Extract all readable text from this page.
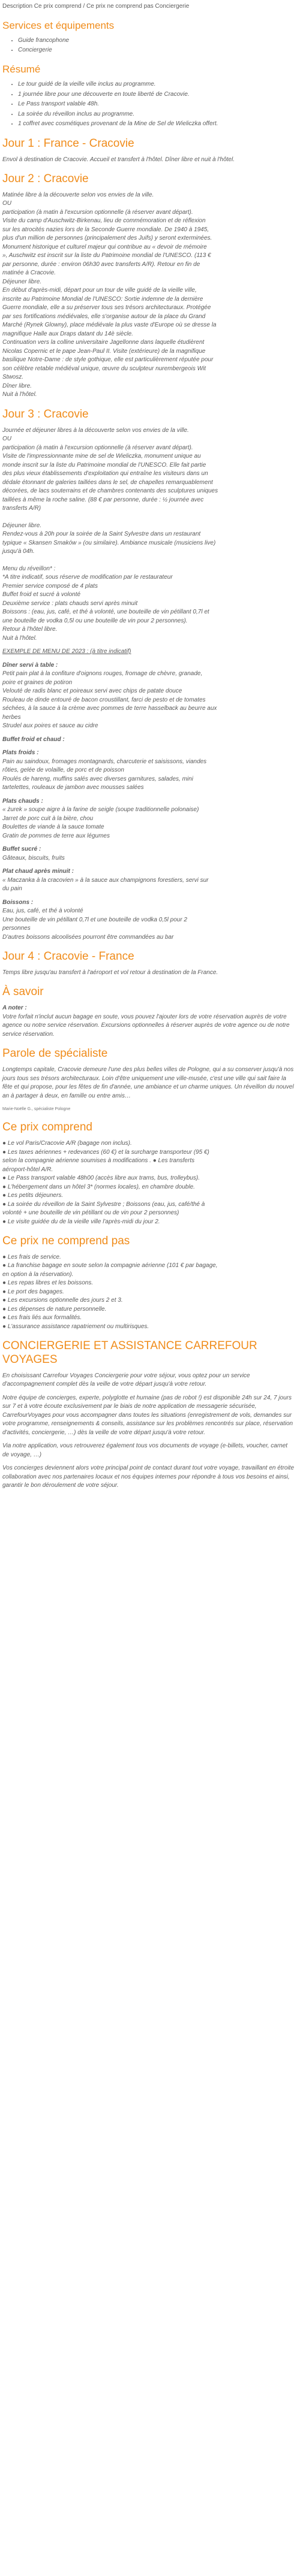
Description Ce prix comprend / Ce prix ne comprend pas Conciergerie
Services et équipements
• Guide francophone
• Conciergerie
Résumé
• Le tour guidé de la vieille ville inclus au programme.
• 1 journée libre pour une découverte en toute liberté de Cracovie.
• Le Pass transport valable 48h.
• La soirée du réveillon inclus au programme.
• 1 coffret avec cosmétiques provenant de la Mine de Sel de Wieliczka offert.
Jour 1 : France - Cracovie

Envol à destination de Cracovie. Accueil et transfert à l'hôtel. Dîner libre et nuit à l'hôtel.

Jour 2 : Cracovie
Matinée libre à la découverte selon vos envies de la ville.
OU
participation (à matin à l'excursion optionnelle (à réserver avant départ).
Visite du camp d'Auschwitz-Birkenau, lieu de commémoration et de réflexion
sur les atrocités nazies lors de la Seconde Guerre mondiale. De 1940 à 1945,
plus d'un million de personnes (principalement des Juifs) y seront exterminées.
Monument historique et culturel majeur qui contribue au « devoir de mémoire
», Auschwitz est inscrit sur la liste du Patrimoine mondial de l'UNESCO. (113 €
par personne, durée : environ 06h30 avec transferts A/R). Retour en fin de
matinée à Cracovie.
Déjeuner libre.
En début d'après-midi, départ pour un tour de ville guidé de la vieille ville,
inscrite au Patrimoine Mondial de l'UNESCO: Sortie indemne de la dernière
Guerre mondiale, elle a su préserver tous ses trésors architecturaux. Protégée
par ses fortifications médiévales, elle s'organise autour de la place du Grand
Marché (Rynek Glowny), place médiévale la plus vaste d'Europe où se dresse la
magnifique Halle aux Draps datant du 14è siècle.
Continuation vers la colline universitaire Jagellonne dans laquelle étudièrent
Nicolas Copernic et le pape Jean-Paul II. Visite (extérieure) de la magnifique
basilique Notre-Dame : de style gothique, elle est particulièrement réputée pour
son célèbre retable médiéval unique, œuvre du sculpteur nurembergeois Wit
Stwosz.
Dîner libre.
Nuit à l'hôtel.
Jour 3 : Cracovie
Journée et déjeuner libres à la découverte selon vos envies de la ville.
OU
participation (à matin à l'excursion optionnelle (à réserver avant départ).
Visite de l'impressionnante mine de sel de Wieliczka, monument unique au
monde inscrit sur la liste du Patrimoine mondial de l'UNESCO. Elle fait partie
des plus vieux établissements d'exploitation qui entraîne les visiteurs dans un
dédale étonnant de galeries taillées dans le sel, de chapelles remarquablement
décorées, de lacs souterrains et de chambres contenants des sculptures uniques
taillées à même la roche saline. (88 € par personne, durée : ½ journée avec
transferts A/R)
Déjeuner libre.
Rendez-vous à 20h pour la soirée de la Saint Sylvestre dans un restaurant
typique « Skansen Smaków » (ou similaire). Ambiance musicale (musiciens live)
jusqu'à 04h.
Menu du réveillon* :
*A titre indicatif, sous réserve de modification par le restaurateur
Premier service composé de 4 plats
Buffet froid et sucré à volonté
Deuxième service : plats chauds servi après minuit
Boissons : (eau, jus, café, et thé à volonté, une bouteille de vin pétillant 0,7l et
une bouteille de vodka 0,5l ou une bouteille de vin pour 2 personnes).
Retour à l'hôtel libre.
Nuit à l'hôtel.

EXEMPLE DE MENU DE 2023 : (à titre indicatif)

Dîner servi à table :
Petit pain plat à la confiture d'oignons rouges, fromage de chèvre, granade,
poire et graines de potiron
Velouté de radis blanc et poireaux servi avec chips de patate douce
Rouleau de dinde entouré de bacon croustillant, farci de pesto et de tomates
séchées, à la sauce à la crème avec pommes de terre hasselback au beurre aux
herbes
Strudel aux poires et sauce au cidre

Buffet froid et chaud :

Plats froids :
Pain au saindoux, fromages montagnards, charcuterie et saisissons, viandes
rôties, gelée de volaille, de porc et de poisson
Roulés de hareng, muffins salés avec diverses garnitures, salades, mini
tartelettes, rouleaux de jambon avec mousses salées

Plats chauds :
« żurek » soupe aigre à la farine de seigle (soupe traditionnelle polonaise)
Jarret de porc cuit à la bière, chou
Boulettes de viande à la sauce tomate
Gratin de pommes de terre aux légumes

Buffet sucré :
Gâteaux, biscuits, fruits

Plat chaud après minuit :
« Maczanka à la cracovien » à la sauce aux champignons forestiers, servi sur
du pain

Boissons :
Eau, jus, café, et thé à volonté
Une bouteille de vin pétillant 0,7l et une bouteille de vodka 0,5l pour 2
personnes
D'autres boissons alcoolisées pourront être commandées au bar
Jour 4 : Cracovie - France

Temps libre jusqu'au transfert à l'aéroport et vol retour à destination de la France.

À savoir
A noter :

Votre forfait n'inclut aucun bagage en soute, vous pouvez l'ajouter lors de votre réservation auprès de votre agence ou notre service réservation. Excursions optionnelles à réserver auprès de votre agence ou de notre service réservation.

Parole de spécialiste

Longtemps capitale, Cracovie demeure l'une des plus belles villes de Pologne, qui a su conserver jusqu'à nos jours tous ses trésors architecturaux. Loin d'être uniquement une ville-musée, c'est une ville qui sait faire la fête et qui propose, pour les fêtes de fin d'année, une ambiance et un charme uniques. Un réveillon du nouvel an à partager à deux, en famille ou entre amis…

Marie-Noëlle G., spécialiste Pologne
Ce prix comprend
● Le vol Paris/Cracovie A/R (bagage non inclus).
● Les taxes aériennes + redevances (60 €) et la surcharge transporteur (95 €)
selon la compagnie aérienne soumises à modifications . ● Les transferts
aéroport-hôtel A/R.
● Le Pass transport valable 48h00 (accès libre aux trams, bus, trolleybus).
● L'hébergement dans un hôtel 3* (normes locales), en chambre double.
● Les petits déjeuners.
● La soirée du réveillon de la Saint Sylvestre ; Boissons (eau, jus, café/thé à
volonté + une bouteille de vin pétillant ou de vin pour 2 personnes)
● Le visite guidée du de la vieille ville l'après-midi du jour 2.
Ce prix ne comprend pas
● Les frais de service.
● La franchise bagage en soute selon la compagnie aérienne (101 € par bagage,
en option à la réservation).
● Les repas libres et les boissons.
● Le port des bagages.
● Les excursions optionnelle des jours 2 et 3.
● Les dépenses de nature personnelle.
● Les frais liés aux formalités.
● L'assurance assistance rapatriement ou multirisques.
CONCIERGERIE ET ASSISTANCE CARREFOUR VOYAGES

En choisissant Carrefour Voyages Conciergerie pour votre séjour, vous optez pour un service d'accompagnement complet dès la veille de votre départ jusqu'à votre retour.

Notre équipe de concierges, experte, polyglotte et humaine (pas de robot !) est disponible 24h sur 24, 7 jours sur 7 et à votre écoute exclusivement par le biais de notre application de messagerie sécurisée, CarrefourVoyages pour vous accompagner dans toutes les situations (enregistrement de vols, demandes sur votre programme, renseignements & conseils, assistance sur les problèmes rencontrés sur place, réservation d'activités, conciergerie, …) dès la veille de votre départ jusqu'à votre retour.

Via notre application, vous retrouverez également tous vos documents de voyage (e-billets, voucher, carnet de voyage, …)

Vos concierges deviennent alors votre principal point de contact durant tout votre voyage, travaillant en étroite collaboration avec nos partenaires locaux et nos équipes internes pour répondre à tous vos besoins et ainsi, garantir le bon déroulement de votre séjour.
